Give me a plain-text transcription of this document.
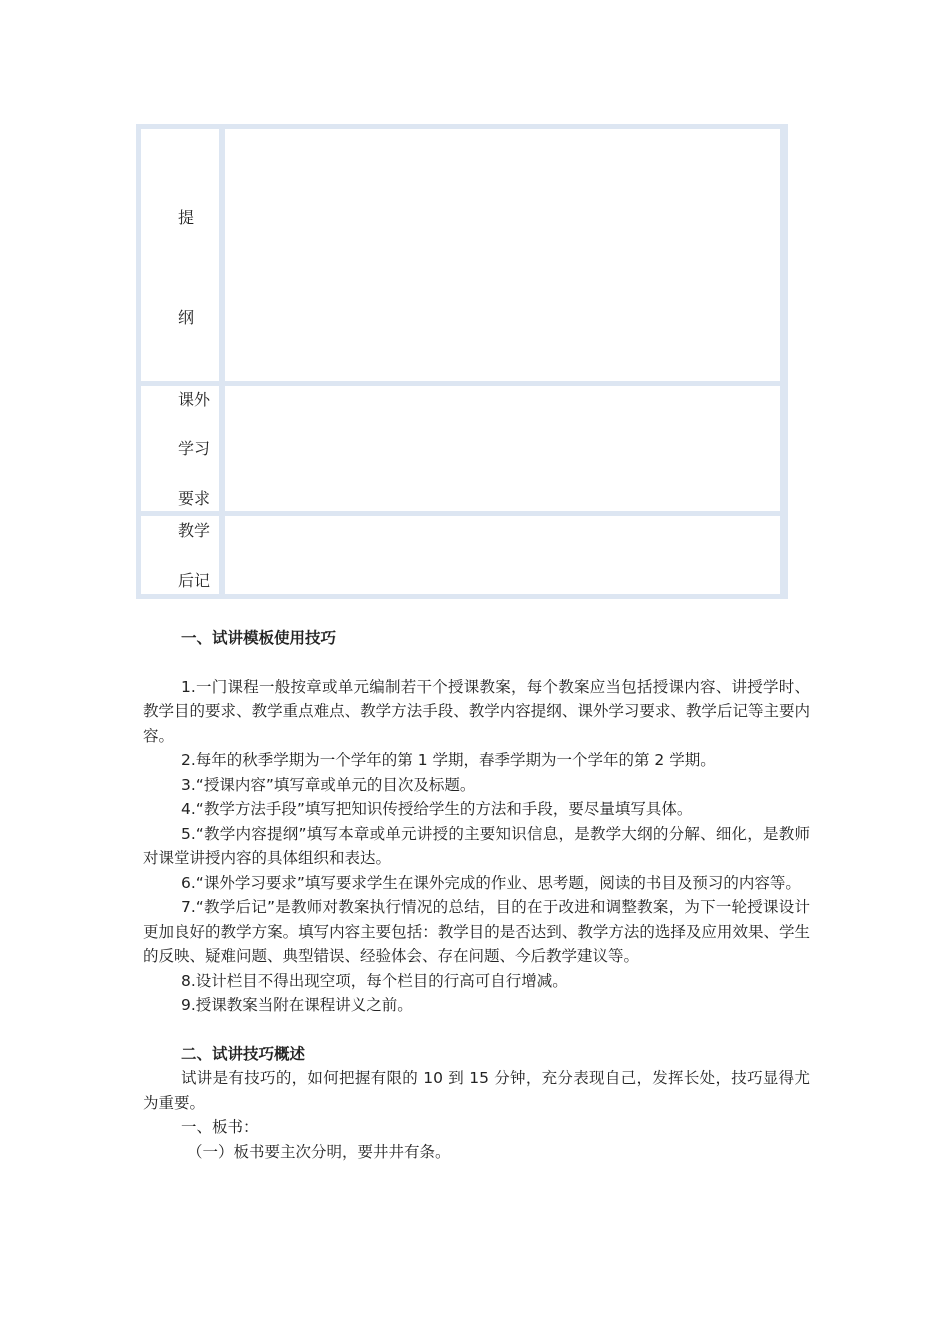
提
纲
课外
学习
要求
教学
后记

一、试讲模板使用技巧

1.一门课程一般按章或单元编制若干个授课教案，每个教案应当包括授课内容、讲授学时、教学目的要求、教学重点难点、教学方法手段、教学内容提纲、课外学习要求、教学后记等主要内容。

2.每年的秋季学期为一个学年的第 1 学期，春季学期为一个学年的第 2 学期。

3.“授课内容”填写章或单元的目次及标题。

4.“教学方法手段”填写把知识传授给学生的方法和手段，要尽量填写具体。

5.“教学内容提纲”填写本章或单元讲授的主要知识信息，是教学大纲的分解、细化，是教师对课堂讲授内容的具体组织和表达。

6.“课外学习要求”填写要求学生在课外完成的作业、思考题，阅读的书目及预习的内容等。

7.“教学后记”是教师对教案执行情况的总结，目的在于改进和调整教案，为下一轮授课设计更加良好的教学方案。填写内容主要包括：教学目的是否达到、教学方法的选择及应用效果、学生的反映、疑难问题、典型错误、经验体会、存在问题、今后教学建议等。

8.设计栏目不得出现空项，每个栏目的行高可自行增减。

9.授课教案当附在课程讲义之前。

二、试讲技巧概述

试讲是有技巧的，如何把握有限的 10 到 15 分钟，充分表现自己，发挥长处，技巧显得尤为重要。

一、板书：

（一）板书要主次分明，要井井有条。
